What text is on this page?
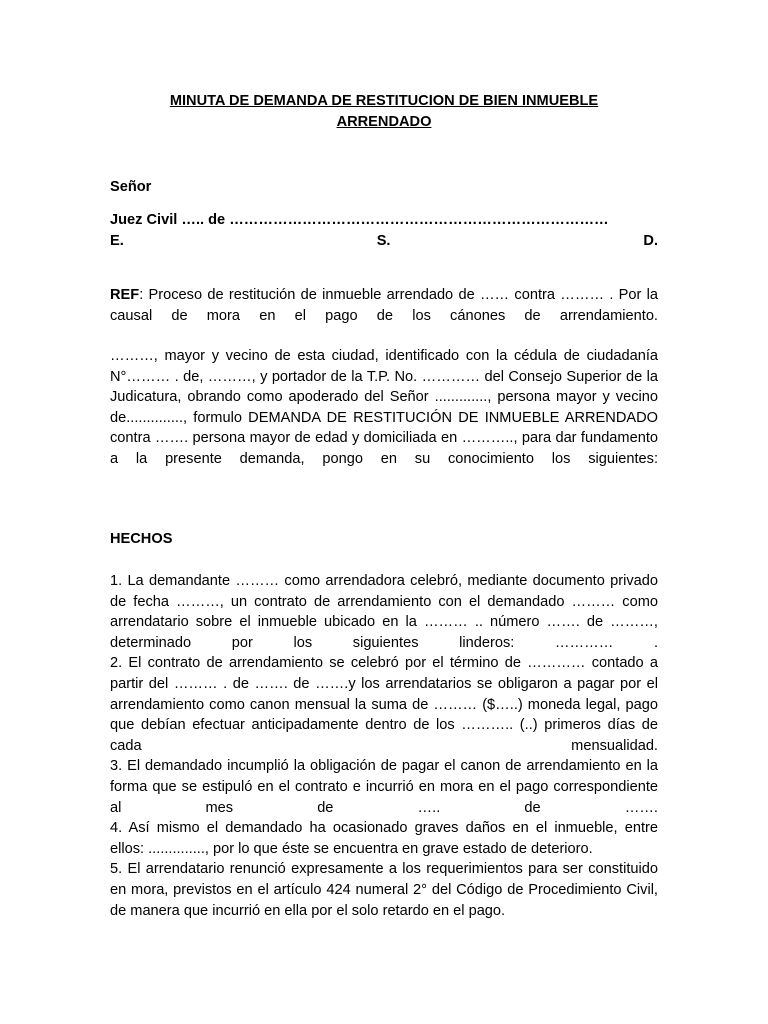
MINUTA DE DEMANDA DE RESTITUCION DE BIEN INMUEBLE
ARRENDADO
Señor
Juez Civil ….. de ……………………………………………………………………
E.	S.	D.
REF: Proceso de restitución de inmueble arrendado de …… contra ……… . Por la causal de mora en el pago de los cánones de arrendamiento.
………, mayor y vecino de esta ciudad, identificado con la cédula de ciudadanía N°……… . de, ………, y portador de la T.P. No. ………… del Consejo Superior de la Judicatura, obrando como apoderado del Señor ............., persona mayor y vecino de.............., formulo DEMANDA DE RESTITUCIÓN DE INMUEBLE ARRENDADO contra ……. persona mayor de edad y domiciliada en ……….., para dar fundamento a la presente demanda, pongo en su conocimiento los siguientes:
HECHOS

1. La demandante ……… como arrendadora celebró, mediante documento privado de fecha ………, un contrato de arrendamiento con el demandado ……… como arrendatario sobre el inmueble ubicado en la ……… .. número ……. de ………, determinado por los siguientes linderos: ………… .

2. El contrato de arrendamiento se celebró por el término de ………… contado a partir del ……… . de ……. de …….y los arrendatarios se obligaron a pagar por el arrendamiento como canon mensual la suma de ……… ($…..) moneda legal, pago que debían efectuar anticipadamente dentro de los ……….. (..) primeros días de cada mensualidad.

3. El demandado incumplió la obligación de pagar el canon de arrendamiento en la forma que se estipuló en el contrato e incurrió en mora en el pago correspondiente al mes de ….. de …….

4. Así mismo el demandado ha ocasionado graves daños en el inmueble, entre ellos: .............., por lo que éste se encuentra en grave estado de deterioro.

5. El arrendatario renunció expresamente a los requerimientos para ser constituido en mora, previstos en el artículo 424 numeral 2° del Código de Procedimiento Civil, de manera que incurrió en ella por el solo retardo en el pago.
